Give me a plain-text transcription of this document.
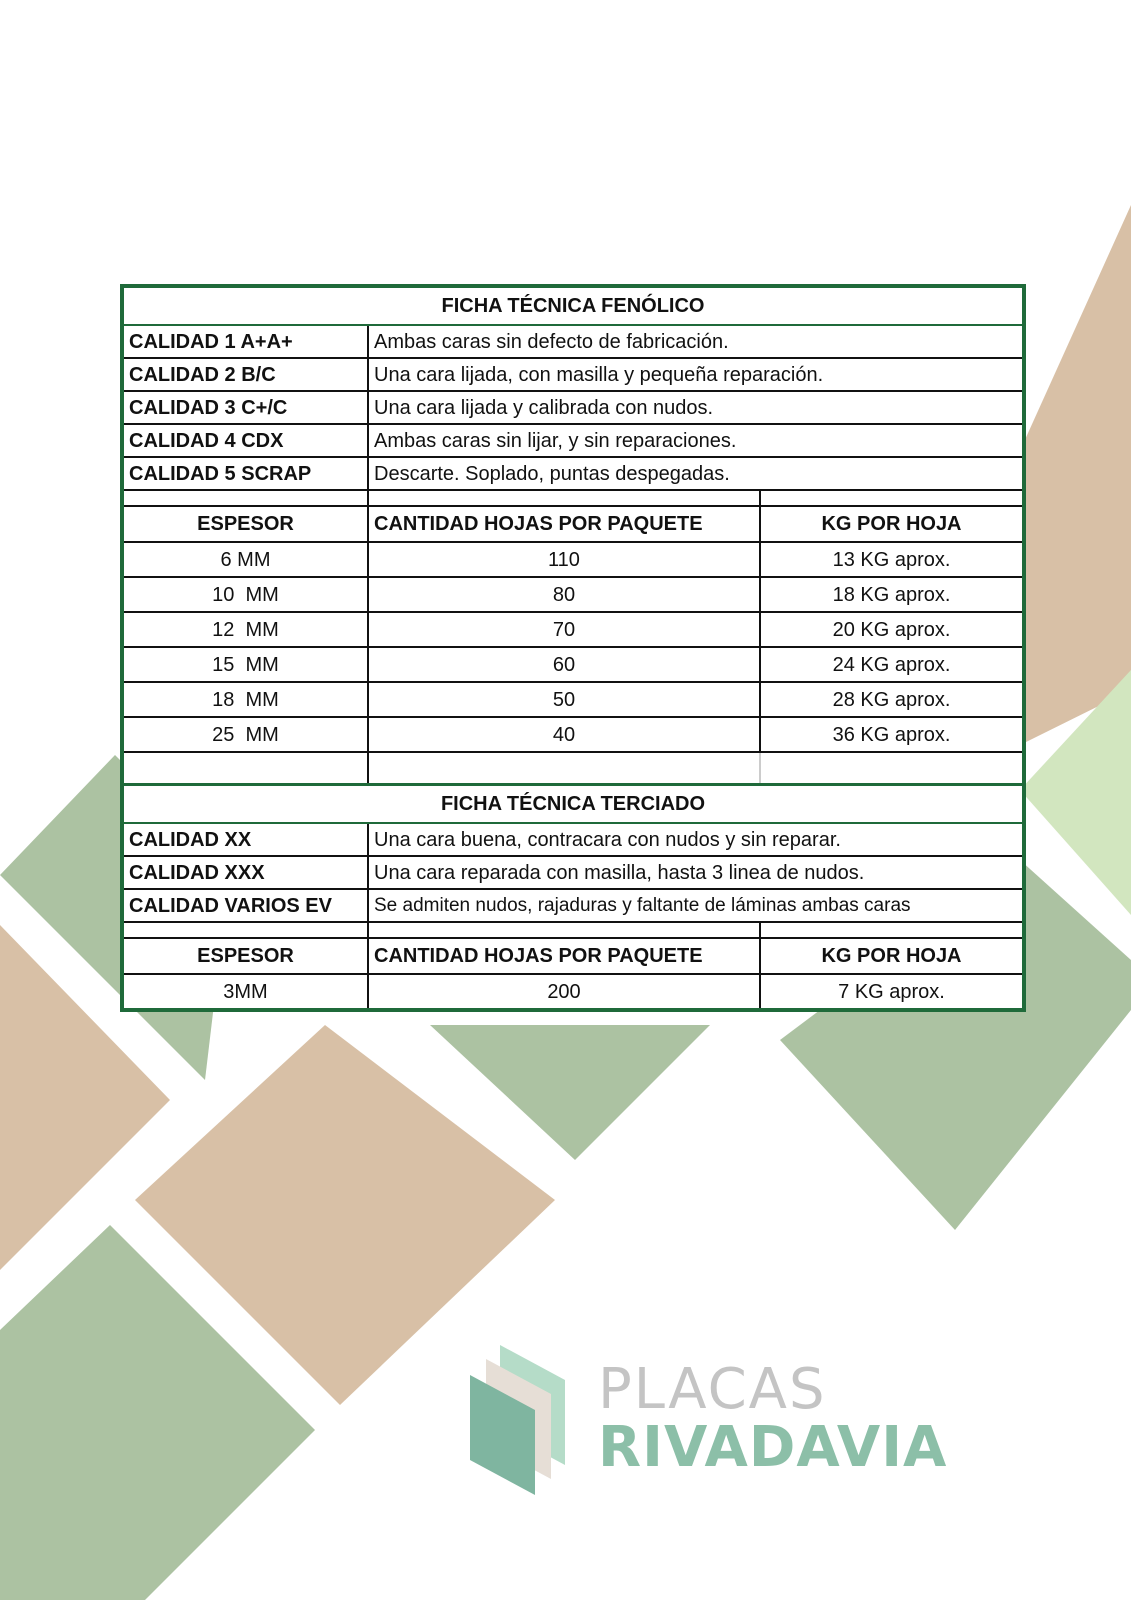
FICHA TÉCNICA FENÓLICO		
CALIDAD 1 A+A+	Ambas caras sin defecto de fabricación.	
CALIDAD 2 B/C	Una cara lijada, con masilla y pequeña reparación.	
CALIDAD 3 C+/C	Una cara lijada y calibrada con nudos.	
CALIDAD 4 CDX	Ambas caras sin lijar, y sin reparaciones.	
CALIDAD 5 SCRAP	Descarte. Soplado, puntas despegadas.	

ESPESOR	CANTIDAD HOJAS POR PAQUETE	KG POR HOJA
6 MM	110	13 KG aprox.
10  MM	80	18 KG aprox.
12  MM	70	20 KG aprox.
15  MM	60	24 KG aprox.
18  MM	50	28 KG aprox.
25  MM	40	36 KG aprox.

FICHA TÉCNICA TERCIADO		
CALIDAD XX	Una cara buena, contracara con nudos y sin reparar.	
CALIDAD XXX	Una cara reparada con masilla, hasta 3 linea de nudos.	
CALIDAD VARIOS EV	Se admiten nudos, rajaduras y faltante de láminas ambas caras	

ESPESOR	CANTIDAD HOJAS POR PAQUETE	KG POR HOJA
3MM	200	7 KG aprox.
PLACAS
RIVADAVIA
